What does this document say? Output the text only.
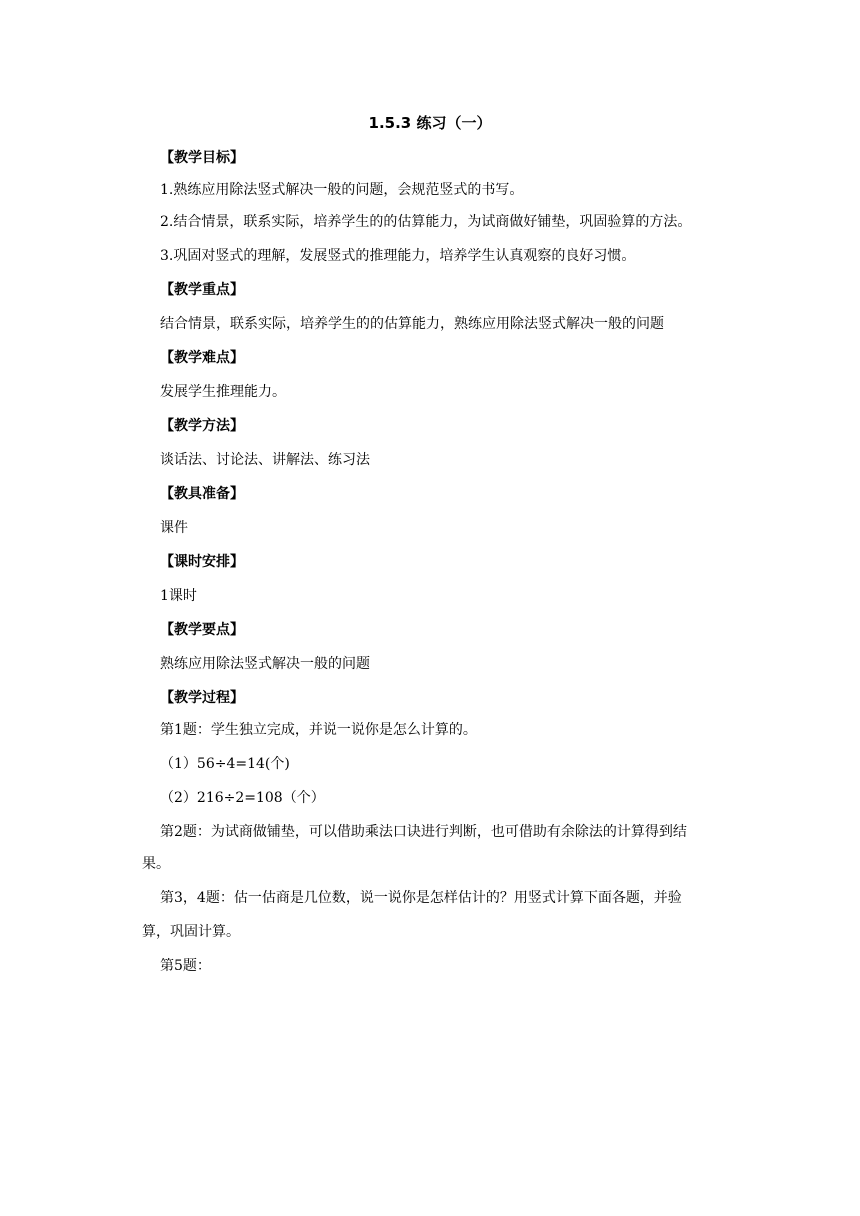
1.5.3 练习（一）
【教学目标】
1.熟练应用除法竖式解决一般的问题，会规范竖式的书写。
2.结合情景，联系实际，培养学生的的估算能力，为试商做好铺垫，巩固验算的方法。
3.巩固对竖式的理解，发展竖式的推理能力，培养学生认真观察的良好习惯。
【教学重点】
结合情景，联系实际，培养学生的的估算能力，熟练应用除法竖式解决一般的问题
【教学难点】
发展学生推理能力。
【教学方法】
谈话法、讨论法、讲解法、练习法
【教具准备】
课件
【课时安排】
1课时
【教学要点】
熟练应用除法竖式解决一般的问题
【教学过程】
第1题：学生独立完成，并说一说你是怎么计算的。
（1）56÷4=14(个)
（2）216÷2=108（个）
第2题：为试商做铺垫，可以借助乘法口诀进行判断，也可借助有余除法的计算得到结
果。
第3，4题：估一估商是几位数，说一说你是怎样估计的？用竖式计算下面各题，并验
算，巩固计算。
第5题：
